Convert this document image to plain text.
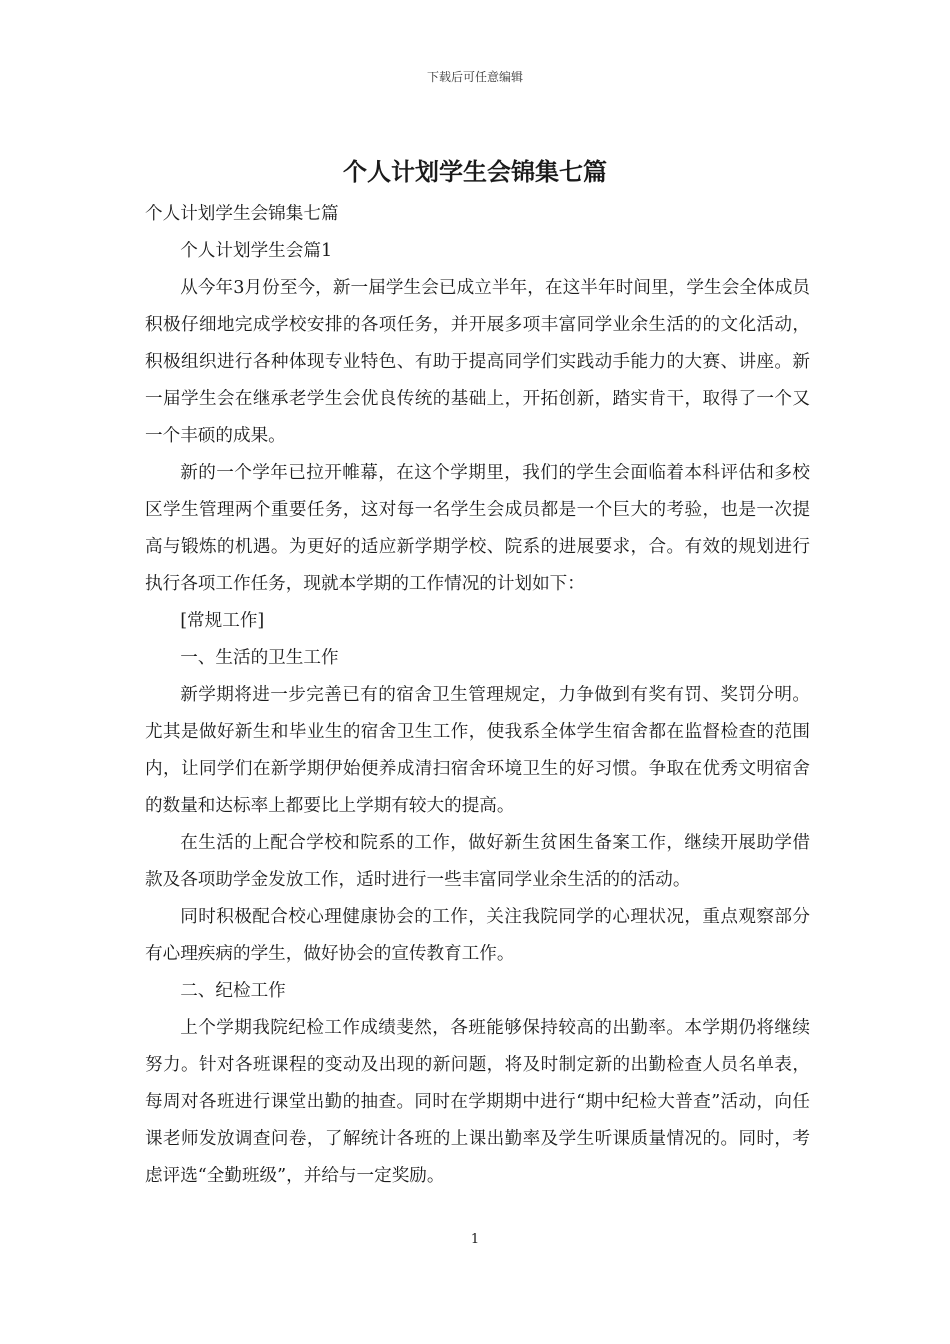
下载后可任意编辑
个人计划学生会锦集七篇

个人计划学生会锦集七篇

个人计划学生会篇1

从今年3月份至今，新一届学生会已成立半年，在这半年时间里，学生会全体成员积极仔细地完成学校安排的各项任务，并开展多项丰富同学业余生活的的文化活动，积极组织进行各种体现专业特色、有助于提高同学们实践动手能力的大赛、讲座。新一届学生会在继承老学生会优良传统的基础上，开拓创新，踏实肯干，取得了一个又一个丰硕的成果。

新的一个学年已拉开帷幕，在这个学期里，我们的学生会面临着本科评估和多校区学生管理两个重要任务，这对每一名学生会成员都是一个巨大的考验，也是一次提高与锻炼的机遇。为更好的适应新学期学校、院系的进展要求，合。有效的规划进行执行各项工作任务，现就本学期的工作情况的计划如下：

[常规工作]

一、生活的卫生工作

新学期将进一步完善已有的宿舍卫生管理规定，力争做到有奖有罚、奖罚分明。尤其是做好新生和毕业生的宿舍卫生工作，使我系全体学生宿舍都在监督检查的范围内，让同学们在新学期伊始便养成清扫宿舍环境卫生的好习惯。争取在优秀文明宿舍的数量和达标率上都要比上学期有较大的提高。

在生活的上配合学校和院系的工作，做好新生贫困生备案工作，继续开展助学借款及各项助学金发放工作，适时进行一些丰富同学业余生活的的活动。

同时积极配合校心理健康协会的工作，关注我院同学的心理状况，重点观察部分有心理疾病的学生，做好协会的宣传教育工作。

二、纪检工作

上个学期我院纪检工作成绩斐然，各班能够保持较高的出勤率。本学期仍将继续努力。针对各班课程的变动及出现的新问题，将及时制定新的出勤检查人员名单表，每周对各班进行课堂出勤的抽查。同时在学期期中进行“期中纪检大普查”活动，向任课老师发放调查问卷，了解统计各班的上课出勤率及学生听课质量情况的。同时，考虑评选“全勤班级”，并给与一定奖励。

1
